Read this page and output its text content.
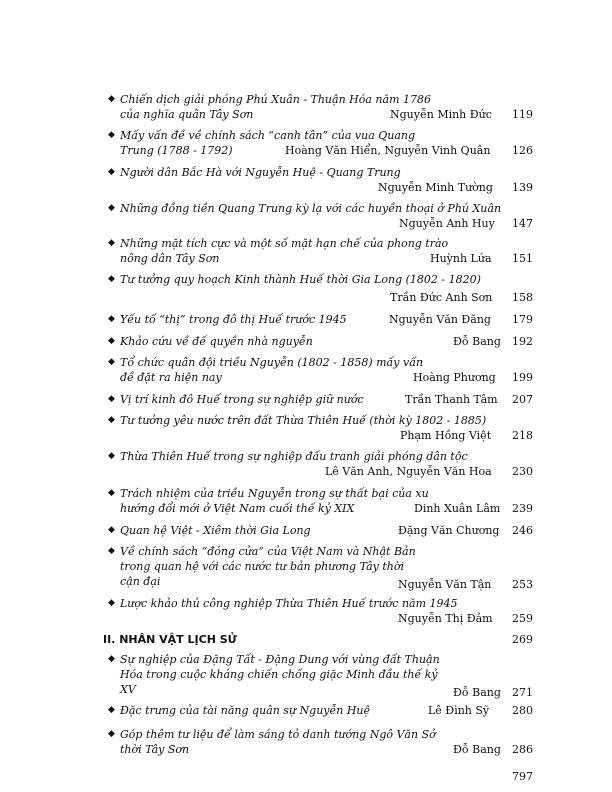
◆ Chiến dịch giải phóng Phú Xuân - Thuận Hóa năm 1786 của nghĩa quân Tây Sơn	Nguyễn Minh Đức	119
◆ Mấy vấn đề về chính sách “canh tân” của vua Quang Trung (1788 - 1792)	Hoàng Văn Hiển, Nguyễn Vinh Quân	126
◆ Người dân Bắc Hà với Nguyễn Huệ - Quang Trung
Nguyễn Minh Tường	139
◆ Những đồng tiền Quang Trung kỳ lạ với các huyền thoại ở Phú Xuân
Nguyễn Anh Huy	147
◆ Những mặt tích cực và một số mặt hạn chế của phong trào nông dân Tây Sơn	Huỳnh Lứa	151
◆ Tư tưởng quy hoạch Kinh thành Huế thời Gia Long (1802 - 1820)
Trần Đức Anh Sơn	158
◆ Yếu tố “thị” trong đô thị Huế trước 1945	Nguyễn Văn Đăng	179
◆ Khảo cứu về đế quyền nhà nguyễn	Đỗ Bang	192
◆ Tổ chức quân đội triều Nguyễn (1802 - 1858) mấy vấn đề đặt ra hiện nay	Hoàng Phương	199
◆ Vị trí kinh đô Huế trong sự nghiệp giữ nước	Trần Thanh Tâm	207
◆ Tư tưởng yêu nước trên đất Thừa Thiên Huế (thời kỳ 1802 - 1885)
Phạm Hồng Việt	218
◆ Thừa Thiên Huế trong sự nghiệp đấu tranh giải phóng dân tộc
Lê Văn Anh, Nguyễn Văn Hoa	230
◆ Trách nhiệm của triều Nguyễn trong sự thất bại của xu hướng đổi mới ở Việt Nam cuối thế kỷ XIX	Dinh Xuân Lâm	239
◆ Quan hệ Việt - Xiêm thời Gia Long	Đặng Văn Chương	246
◆ Về chính sách “đóng cửa” của Việt Nam và Nhật Bản trong quan hệ với các nước tư bản phương Tây thời cận đại	Nguyễn Văn Tận	253
◆ Lược khảo thủ công nghiệp Thừa Thiên Huế trước năm 1945
Nguyễn Thị Đảm	259
II. NHÂN VẬT LỊCH SỬ	269
◆ Sự nghiệp của Đặng Tất - Đặng Dung với vùng đất Thuận Hóa trong cuộc kháng chiến chống giặc Minh đầu thế kỷ XV	Đỗ Bang	271
◆ Đặc trưng của tài năng quân sự Nguyễn Huệ	Lê Đình Sỹ	280
◆ Góp thêm tư liệu để làm sáng tỏ danh tướng Ngô Văn Sở thời Tây Sơn	Đỗ Bang	286
797
